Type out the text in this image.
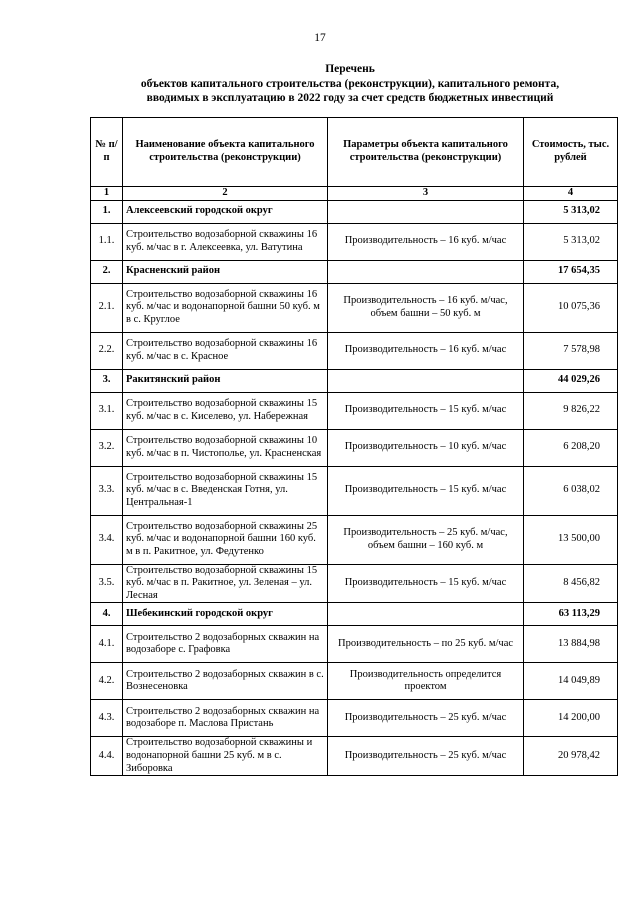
17
Перечень
объектов капитального строительства (реконструкции), капитального ремонта,
вводимых в эксплуатацию в 2022 году за счет средств бюджетных инвестиций
№ п/п	Наименование объекта капитального строительства (реконструкции)	Параметры объекта капитального строительства (реконструкции)	Стоимость, тыс. рублей
1	2	3	4
1.	Алексеевский городской округ		5 313,02
1.1.	Строительство водозаборной скважины 16 куб. м/час в г. Алексеевка, ул. Ватутина	Производительность – 16 куб. м/час	5 313,02
2.	Красненский район		17 654,35
2.1.	Строительство водозаборной скважины 16 куб. м/час и водонапорной башни 50 куб. м в с. Круглое	Производительность – 16 куб. м/час, объем башни – 50 куб. м	10 075,36
2.2.	Строительство водозаборной скважины 16 куб. м/час в с. Красное	Производительность – 16 куб. м/час	7 578,98
3.	Ракитянский район		44 029,26
3.1.	Строительство водозаборной скважины 15 куб. м/час в с. Киселево, ул. Набережная	Производительность – 15 куб. м/час	9 826,22
3.2.	Строительство водозаборной скважины 10 куб. м/час в п. Чистополье, ул. Красненская	Производительность – 10 куб. м/час	6 208,20
3.3.	Строительство водозаборной скважины 15 куб. м/час в с. Введенская Готня, ул. Центральная-1	Производительность – 15 куб. м/час	6 038,02
3.4.	Строительство водозаборной скважины 25 куб. м/час и водонапорной башни 160 куб. м в п. Ракитное, ул. Федутенко	Производительность – 25 куб. м/час, объем башни – 160 куб. м	13 500,00
3.5.	Строительство водозаборной скважины 15 куб. м/час в п. Ракитное, ул. Зеленая – ул. Лесная	Производительность – 15 куб. м/час	8 456,82
4.	Шебекинский городской округ		63 113,29
4.1.	Строительство 2 водозаборных скважин на водозаборе с. Графовка	Производительность – по 25 куб. м/час	13 884,98
4.2.	Строительство 2 водозаборных скважин в с. Вознесеновка	Производительность определится проектом	14 049,89
4.3.	Строительство 2 водозаборных скважин на водозаборе п. Маслова Пристань	Производительность – 25 куб. м/час	14 200,00
4.4.	Строительство водозаборной скважины и водонапорной башни 25 куб. м в с. Зиборовка	Производительность – 25 куб. м/час	20 978,42
